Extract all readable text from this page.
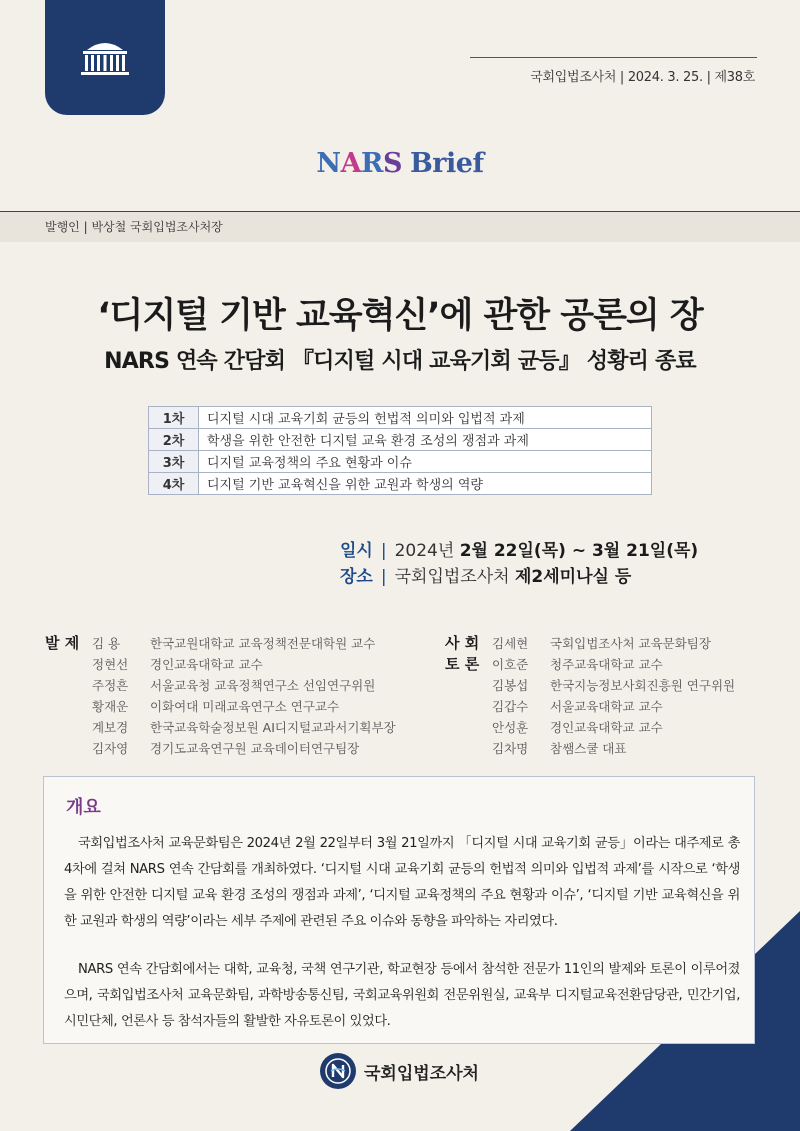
국회입법조사처 | 2024. 3. 25. | 제38호
NARS Brief
발행인 | 박상철 국회입법조사처장
‘디지털 기반 교육혁신’에 관한 공론의 장
NARS 연속 간담회 『디지털 시대 교육기회 균등』 성황리 종료
1차	디지털 시대 교육기회 균등의 헌법적 의미와 입법적 과제
2차	학생을 위한 안전한 디지털 교육 환경 조성의 쟁점과 과제
3차	디지털 교육정책의 주요 현황과 이슈
4차	디지털 기반 교육혁신을 위한 교원과 학생의 역량
일시 | 2024년 2월 22일(목) ~ 3월 21일(목)
장소 | 국회입법조사처 제2세미나실 등
발 제	김 용	한국교원대학교 교육정책전문대학원 교수
정현선	경인교육대학교 교수
주정흔	서울교육청 교육정책연구소 선임연구위원
황재운	이화여대 미래교육연구소 연구교수
계보경	한국교육학술정보원 AI디지털교과서기획부장
김자영	경기도교육연구원 교육데이터연구팀장
사 회	김세현	국회입법조사처 교육문화팀장
토 론	이호준	청주교육대학교 교수
김봉섭	한국지능정보사회진흥원 연구위원
김갑수	서울교육대학교 교수
안성훈	경인교육대학교 교수
김차명	참쌤스쿨 대표
개요

국회입법조사처 교육문화팀은 2024년 2월 22일부터 3월 21일까지 「디지털 시대 교육기회 균등」이라는 대주제로 총 4차에 걸쳐 NARS 연속 간담회를 개최하였다. ‘디지털 시대 교육기회 균등의 헌법적 의미와 입법적 과제’를 시작으로 ‘학생을 위한 안전한 디지털 교육 환경 조성의 쟁점과 과제’, ‘디지털 교육정책의 주요 현황과 이슈’, ‘디지털 기반 교육혁신을 위한 교원과 학생의 역량’이라는 세부 주제에 관련된 주요 이슈와 동향을 파악하는 자리였다.

NARS 연속 간담회에서는 대학, 교육청, 국책 연구기관, 학교현장 등에서 참석한 전문가 11인의 발제와 토론이 이루어졌으며, 국회입법조사처 교육문화팀, 과학방송통신팀, 국회교육위원회 전문위원실, 교육부 디지털교육전환담당관, 민간기업, 시민단체, 언론사 등 참석자들의 활발한 자유토론이 있었다.

국회입법조사처
